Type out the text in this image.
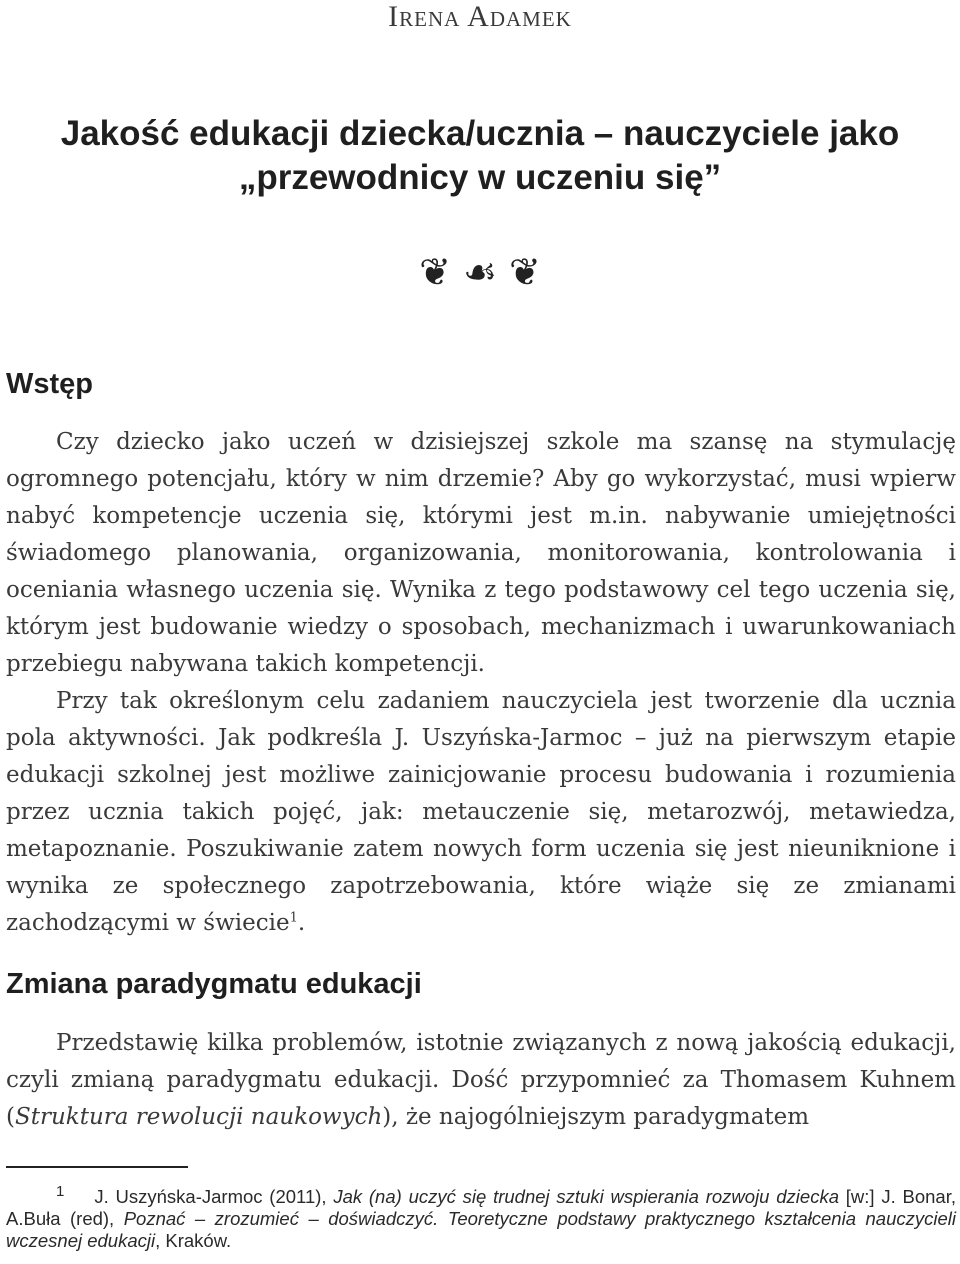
Irena Adamek
Jakość edukacji dziecka/ucznia – nauczyciele jako
„przewodnicy w uczeniu się”
❦ ☙ ❦
Wstęp

Czy dziecko jako uczeń w dzisiejszej szkole ma szansę na stymulację ogromnego potencjału, który w nim drzemie? Aby go wykorzystać, musi wpierw nabyć kompetencje uczenia się, którymi jest m.in. nabywanie umiejętności świadomego planowania, organizowania, monitorowania, kontrolowania i oceniania własnego uczenia się. Wynika z tego podstawowy cel tego uczenia się, którym jest budowanie wiedzy o sposobach, mechanizmach i uwarunkowaniach przebiegu nabywana takich kompetencji.

Przy tak określonym celu zadaniem nauczyciela jest tworzenie dla ucznia pola aktywności. Jak podkreśla J. Uszyńska-Jarmoc – już na pierwszym etapie edukacji szkolnej jest możliwe zainicjowanie procesu budowania i rozumienia przez ucznia takich pojęć, jak: metauczenie się, metarozwój, metawiedza, metapoznanie. Poszukiwanie zatem nowych form uczenia się jest nieuniknione i wynika ze społecznego zapotrzebowania, które wiąże się ze zmianami zachodzącymi w świecie$^1$.

Zmiana paradygmatu edukacji

Przedstawię kilka problemów, istotnie związanych z nową jakością edukacji, czyli zmianą paradygmatu edukacji. Dość przypomnieć za Thomasem Kuhnem (Struktura rewolucji naukowych), że najogólniejszym paradygmatem

$^1$ J. Uszyńska-Jarmoc (2011), Jak (na) uczyć się trudnej sztuki wspierania rozwoju dziecka [w:] J. Bonar, A.Buła (red), Poznać – zrozumieć – doświadczyć. Teoretyczne podstawy praktycznego kształcenia nauczycieli wczesnej edukacji, Kraków.
